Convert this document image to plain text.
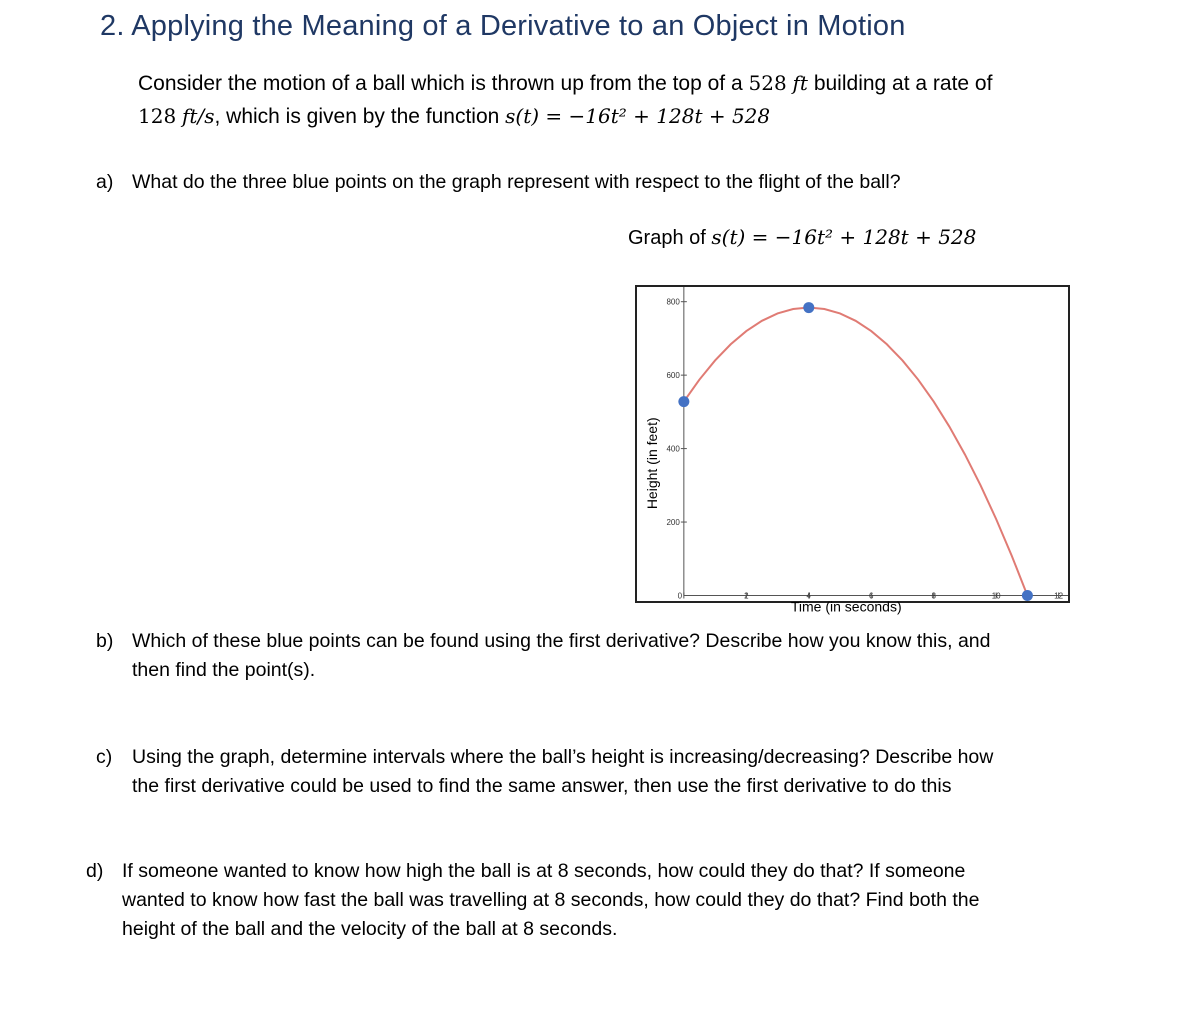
2. Applying the Meaning of a Derivative to an Object in Motion
Consider the motion of a ball which is thrown up from the top of a 528 ft building at a rate of
128 ft/s, which is given by the function s(t) = −16t² + 128t + 528
a) What do the three blue points on the graph represent with respect to the flight of the ball?
Graph of s(t) = −16t² + 128t + 528
200
400
600
800
0	2	4	6	8	10	12
Time (in seconds)
Height (in feet)
b) Which of these blue points can be found using the first derivative? Describe how you know this, and
then find the point(s).
c) Using the graph, determine intervals where the ball’s height is increasing/decreasing? Describe how
the first derivative could be used to find the same answer, then use the first derivative to do this
d) If someone wanted to know how high the ball is at 8 seconds, how could they do that? If someone
wanted to know how fast the ball was travelling at 8 seconds, how could they do that? Find both the
height of the ball and the velocity of the ball at 8 seconds.
